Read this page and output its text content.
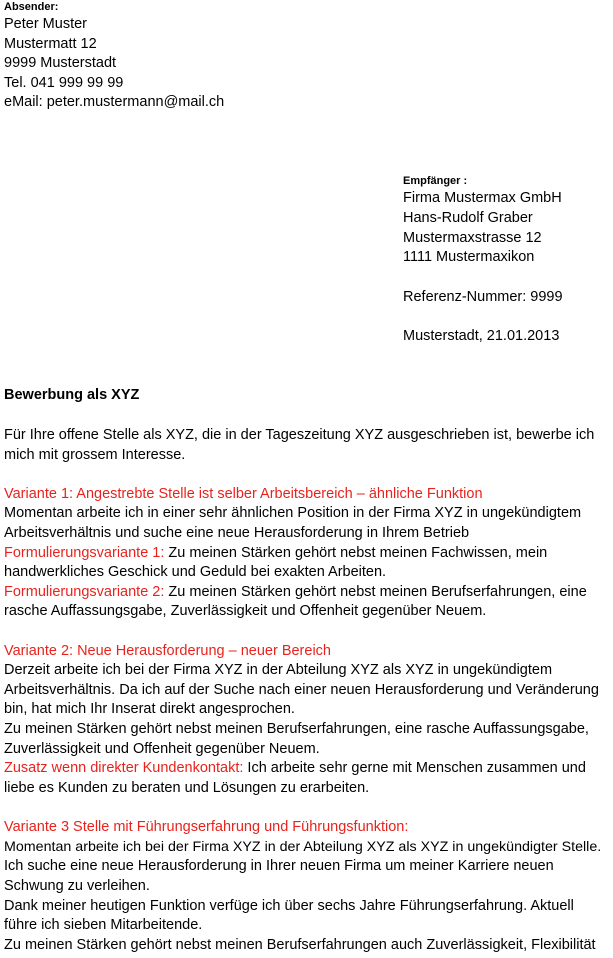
Absender:
Peter Muster
Mustermatt 12
9999 Musterstadt
Tel. 041 999 99 99
eMail: peter.mustermann@mail.ch
Empfänger :
Firma Mustermax GmbH
Hans-Rudolf Graber
Mustermaxstrasse 12
1111 Mustermaxikon
Referenz-Nummer: 9999
Musterstadt, 21.01.2013
Bewerbung als XYZ
Für Ihre offene Stelle als XYZ, die in der Tageszeitung XYZ ausgeschrieben ist, bewerbe ich
mich mit grossem Interesse.
Variante 1: Angestrebte Stelle ist selber Arbeitsbereich – ähnliche Funktion
Momentan arbeite ich in einer sehr ähnlichen Position in der Firma XYZ in ungekündigtem
Arbeitsverhältnis und suche eine neue Herausforderung in Ihrem Betrieb
Formulierungsvariante 1: Zu meinen Stärken gehört nebst meinen Fachwissen, mein
handwerkliches Geschick und Geduld bei exakten Arbeiten.
Formulierungsvariante 2: Zu meinen Stärken gehört nebst meinen Berufserfahrungen, eine
rasche Auffassungsgabe, Zuverlässigkeit und Offenheit gegenüber Neuem.
Variante 2: Neue Herausforderung – neuer Bereich
Derzeit arbeite ich bei der Firma XYZ in der Abteilung XYZ als XYZ in ungekündigtem
Arbeitsverhältnis. Da ich auf der Suche nach einer neuen Herausforderung und Veränderung
bin, hat mich Ihr Inserat direkt angesprochen.
Zu meinen Stärken gehört nebst meinen Berufserfahrungen, eine rasche Auffassungsgabe,
Zuverlässigkeit und Offenheit gegenüber Neuem.
Zusatz wenn direkter Kundenkontakt: Ich arbeite sehr gerne mit Menschen zusammen und
liebe es Kunden zu beraten und Lösungen zu erarbeiten.
Variante 3 Stelle mit Führungserfahrung und Führungsfunktion:
Momentan arbeite ich bei der Firma XYZ in der Abteilung XYZ als XYZ in ungekündigter Stelle.
Ich suche eine neue Herausforderung in Ihrer neuen Firma um meiner Karriere neuen
Schwung zu verleihen.
Dank meiner heutigen Funktion verfüge ich über sechs Jahre Führungserfahrung. Aktuell
führe ich sieben Mitarbeitende.
Zu meinen Stärken gehört nebst meinen Berufserfahrungen auch Zuverlässigkeit, Flexibilität
